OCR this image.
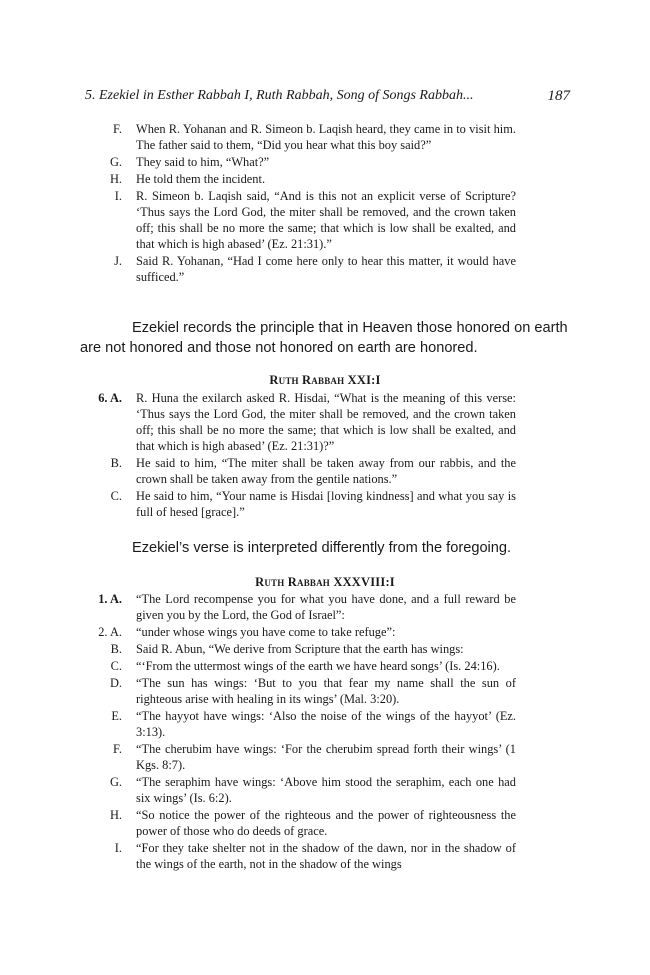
5. Ezekiel in Esther Rabbah I, Ruth Rabbah, Song of Songs Rabbah...	187
F. When R. Yohanan and R. Simeon b. Laqish heard, they came in to visit him. The father said to them, “Did you hear what this boy said?”
G. They said to him, “What?”
H. He told them the incident.
I. R. Simeon b. Laqish said, “And is this not an explicit verse of Scripture? ‘Thus says the Lord God, the miter shall be removed, and the crown taken off; this shall be no more the same; that which is low shall be exalted, and that which is high abased’ (Ez. 21:31).”
J. Said R. Yohanan, “Had I come here only to hear this matter, it would have sufficed.”
Ezekiel records the principle that in Heaven those honored on earth are not honored and those not honored on earth are honored.
Ruth Rabbah XXI:I
6. A. R. Huna the exilarch asked R. Hisdai, “What is the meaning of this verse: ‘Thus says the Lord God, the miter shall be removed, and the crown taken off; this shall be no more the same; that which is low shall be exalted, and that which is high abased’ (Ez. 21:31)?”
B. He said to him, “The miter shall be taken away from our rabbis, and the crown shall be taken away from the gentile nations.”
C. He said to him, “Your name is Hisdai [loving kindness] and what you say is full of hesed [grace].”
Ezekiel’s verse is interpreted differently from the foregoing.
Ruth Rabbah XXXVIII:I
1. A. “The Lord recompense you for what you have done, and a full reward be given you by the Lord, the God of Israel”:
2. A. “under whose wings you have come to take refuge”:
B. Said R. Abun, “We derive from Scripture that the earth has wings:
C. “‘From the uttermost wings of the earth we have heard songs’ (Is. 24:16).
D. “The sun has wings: ‘But to you that fear my name shall the sun of righteous arise with healing in its wings’ (Mal. 3:20).
E. “The hayyot have wings: ‘Also the noise of the wings of the hayyot’ (Ez. 3:13).
F. “The cherubim have wings: ‘For the cherubim spread forth their wings’ (1 Kgs. 8:7).
G. “The seraphim have wings: ‘Above him stood the seraphim, each one had six wings’ (Is. 6:2).
H. “So notice the power of the righteous and the power of righteousness the power of those who do deeds of grace.
I. “For they take shelter not in the shadow of the dawn, nor in the shadow of the wings of the earth, not in the shadow of the wings
